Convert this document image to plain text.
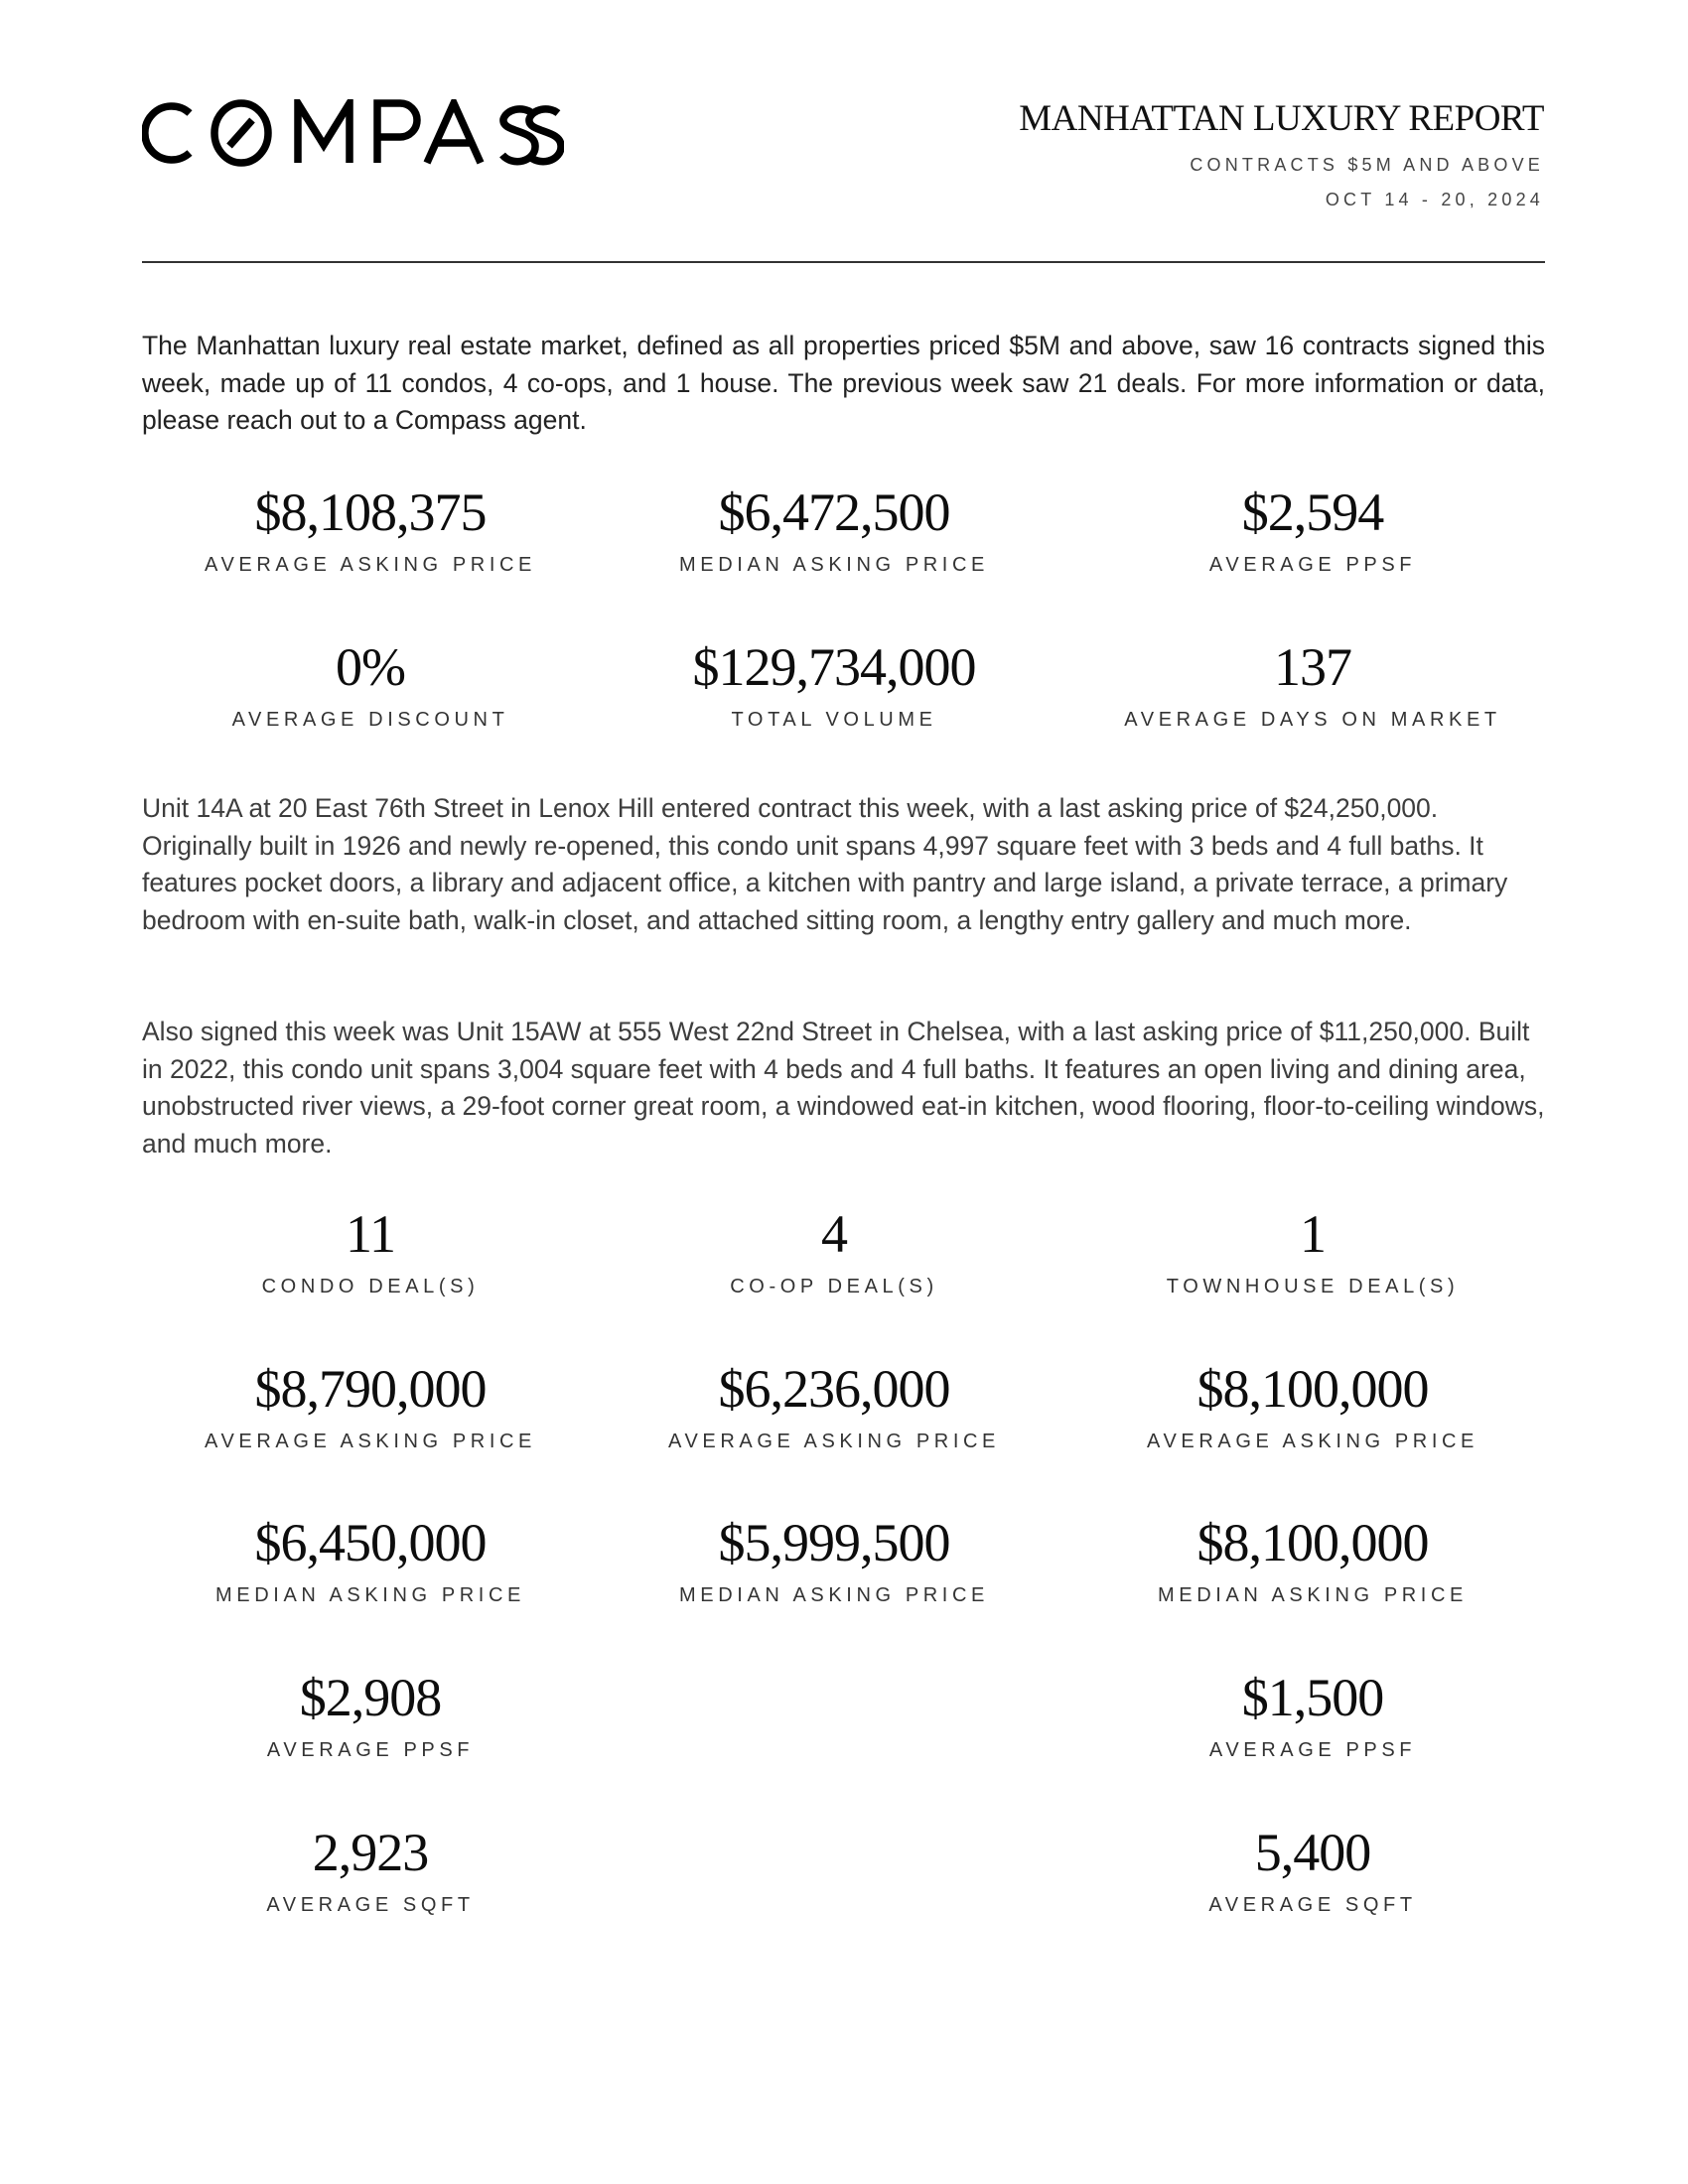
MANHATTAN LUXURY REPORT
CONTRACTS $5M AND ABOVE
OCT 14 - 20, 2024

The Manhattan luxury real estate market, defined as all properties priced $5M and above, saw 16 contracts signed this week, made up of 11 condos, 4 co-ops, and 1 house. The previous week saw 21 deals. For more information or data, please reach out to a Compass agent.

$8,108,375
AVERAGE ASKING PRICE
$6,472,500
MEDIAN ASKING PRICE
$2,594
AVERAGE PPSF
0%
AVERAGE DISCOUNT
$129,734,000
TOTAL VOLUME
137
AVERAGE DAYS ON MARKET

Unit 14A at 20 East 76th Street in Lenox Hill entered contract this week, with a last asking price of $24,250,000. Originally built in 1926 and newly re-opened, this condo unit spans 4,997 square feet with 3 beds and 4 full baths. It features pocket doors, a library and adjacent office, a kitchen with pantry and large island, a private terrace, a primary bedroom with en-suite bath, walk-in closet, and attached sitting room, a lengthy entry gallery and much more.

Also signed this week was Unit 15AW at 555 West 22nd Street in Chelsea, with a last asking price of $11,250,000. Built in 2022, this condo unit spans 3,004 square feet with 4 beds and 4 full baths. It features an open living and dining area, unobstructed river views, a 29-foot corner great room, a windowed eat-in kitchen, wood flooring, floor-to-ceiling windows, and much more.

11
CONDO DEAL(S)
$8,790,000
AVERAGE ASKING PRICE
$6,450,000
MEDIAN ASKING PRICE
$2,908
AVERAGE PPSF
2,923
AVERAGE SQFT
4
CO-OP DEAL(S)
$6,236,000
AVERAGE ASKING PRICE
$5,999,500
MEDIAN ASKING PRICE
1
TOWNHOUSE DEAL(S)
$8,100,000
AVERAGE ASKING PRICE
$8,100,000
MEDIAN ASKING PRICE
$1,500
AVERAGE PPSF
5,400
AVERAGE SQFT
